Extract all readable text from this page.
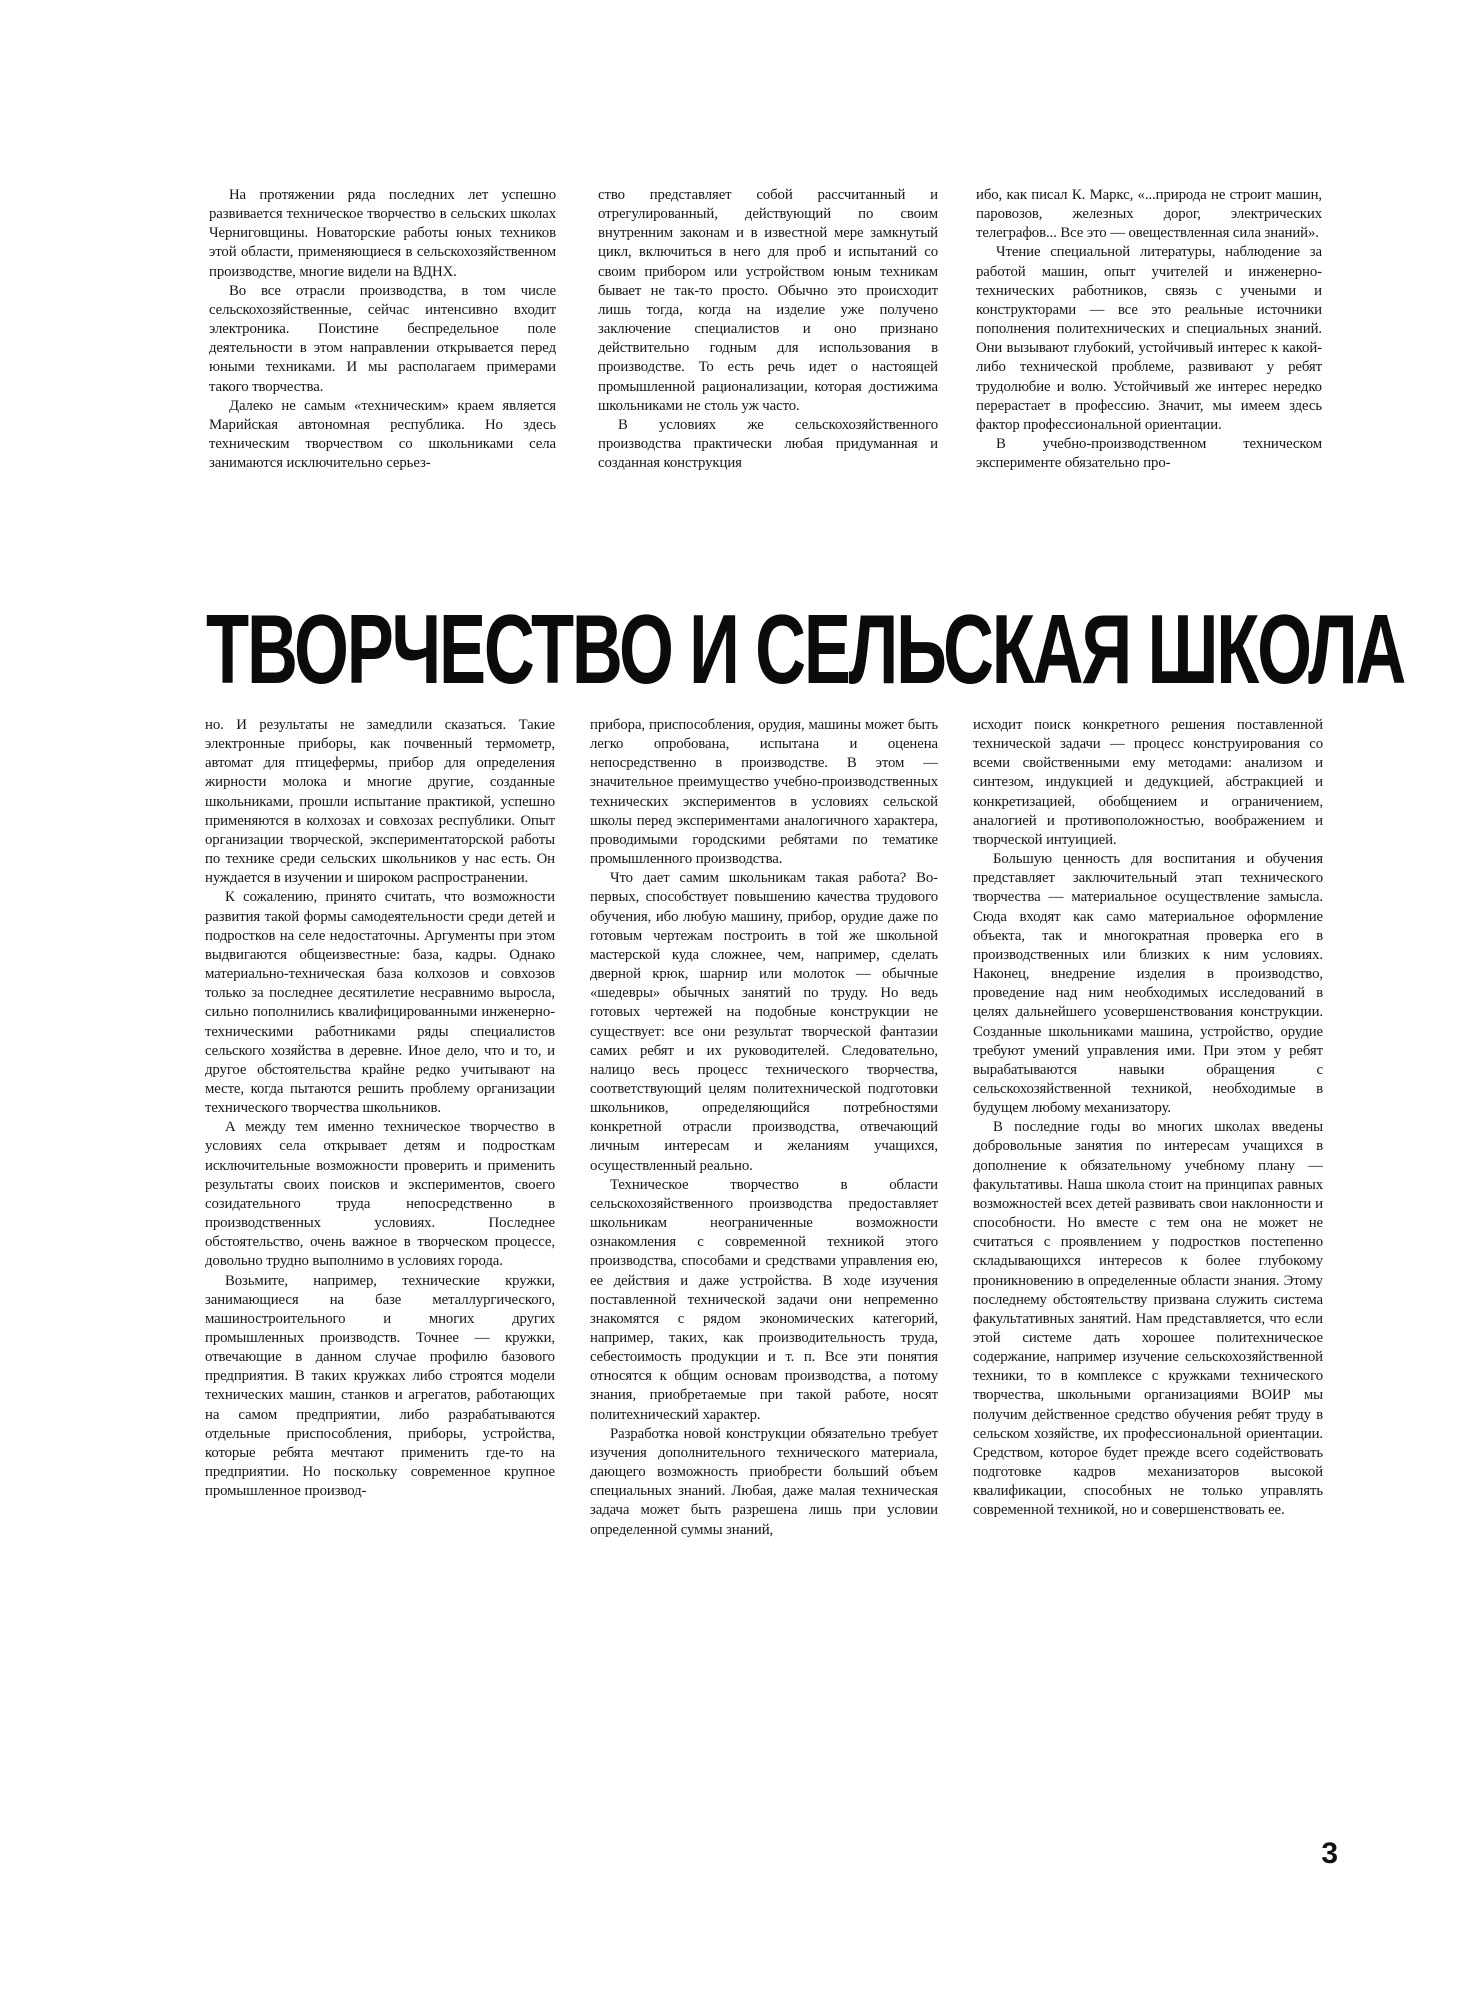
На протяжении ряда последних лет успешно развивается техническое творчество в сельских школах Черниговщины. Новаторские работы юных техников этой области, применяющиеся в сельскохозяйственном производстве, многие видели на ВДНХ.

Во все отрасли производства, в том числе сельскохозяйственные, сейчас интенсивно входит электроника. Поистине беспредельное поле деятельности в этом направлении открывается перед юными техниками. И мы располагаем примерами такого творчества.

Далеко не самым «техническим» краем является Марийская автономная республика. Но здесь техническим творчеством со школьниками села занимаются исключительно серьез-

ство представляет собой рассчитанный и отрегулированный, действующий по своим внутренним законам и в известной мере замкнутый цикл, включиться в него для проб и испытаний со своим прибором или устройством юным техникам бывает не так-то просто. Обычно это происходит лишь тогда, когда на изделие уже получено заключение специалистов и оно признано действительно годным для использования в производстве. То есть речь идет о настоящей промышленной рационализации, которая достижима школьниками не столь уж часто.

В условиях же сельскохозяйственного производства практически любая придуманная и созданная конструкция

ибо, как писал К. Маркс, «...природа не строит машин, паровозов, железных дорог, электрических телеграфов... Все это — овеществленная сила знаний».

Чтение специальной литературы, наблюдение за работой машин, опыт учителей и инженерно-технических работников, связь с учеными и конструкторами — все это реальные источники пополнения политехнических и специальных знаний. Они вызывают глубокий, устойчивый интерес к какой-либо технической проблеме, развивают у ребят трудолюбие и волю. Устойчивый же интерес нередко перерастает в профессию. Значит, мы имеем здесь фактор профессиональной ориентации.

В учебно-производственном техническом эксперименте обязательно про-

ТВОРЧЕСТВО И СЕЛЬСКАЯ ШКОЛА

но. И результаты не замедлили сказаться. Такие электронные приборы, как почвенный термометр, автомат для птицефермы, прибор для определения жирности молока и многие другие, созданные школьниками, прошли испытание практикой, успешно применяются в колхозах и совхозах республики. Опыт организации творческой, экспериментаторской работы по технике среди сельских школьников у нас есть. Он нуждается в изучении и широком распространении.

К сожалению, принято считать, что возможности развития такой формы самодеятельности среди детей и подростков на селе недостаточны. Аргументы при этом выдвигаются общеизвестные: база, кадры. Однако материально-техническая база колхозов и совхозов только за последнее десятилетие несравнимо выросла, сильно пополнились квалифицированными инженерно-техническими работниками ряды специалистов сельского хозяйства в деревне. Иное дело, что и то, и другое обстоятельства крайне редко учитывают на месте, когда пытаются решить проблему организации технического творчества школьников.

А между тем именно техническое творчество в условиях села открывает детям и подросткам исключительные возможности проверить и применить результаты своих поисков и экспериментов, своего созидательного труда непосредственно в производственных условиях. Последнее обстоятельство, очень важное в творческом процессе, довольно трудно выполнимо в условиях города.

Возьмите, например, технические кружки, занимающиеся на базе металлургического, машиностроительного и многих других промышленных производств. Точнее — кружки, отвечающие в данном случае профилю базового предприятия. В таких кружках либо строятся модели технических машин, станков и агрегатов, работающих на самом предприятии, либо разрабатываются отдельные приспособления, приборы, устройства, которые ребята мечтают применить где-то на предприятии. Но поскольку современное крупное промышленное производ-

прибора, приспособления, орудия, машины может быть легко опробована, испытана и оценена непосредственно в производстве. В этом — значительное преимущество учебно-производственных технических экспериментов в условиях сельской школы перед экспериментами аналогичного характера, проводимыми городскими ребятами по тематике промышленного производства.

Что дает самим школьникам такая работа? Во-первых, способствует повышению качества трудового обучения, ибо любую машину, прибор, орудие даже по готовым чертежам построить в той же школьной мастерской куда сложнее, чем, например, сделать дверной крюк, шарнир или молоток — обычные «шедевры» обычных занятий по труду. Но ведь готовых чертежей на подобные конструкции не существует: все они результат творческой фантазии самих ребят и их руководителей. Следовательно, налицо весь процесс технического творчества, соответствующий целям политехнической подготовки школьников, определяющийся потребностями конкретной отрасли производства, отвечающий личным интересам и желаниям учащихся, осуществленный реально.

Техническое творчество в области сельскохозяйственного производства предоставляет школьникам неограниченные возможности ознакомления с современной техникой этого производства, способами и средствами управления ею, ее действия и даже устройства. В ходе изучения поставленной технической задачи они непременно знакомятся с рядом экономических категорий, например, таких, как производительность труда, себестоимость продукции и т. п. Все эти понятия относятся к общим основам производства, а потому знания, приобретаемые при такой работе, носят политехнический характер.

Разработка новой конструкции обязательно требует изучения дополнительного технического материала, дающего возможность приобрести больший объем специальных знаний. Любая, даже малая техническая задача может быть разрешена лишь при условии определенной суммы знаний,

исходит поиск конкретного решения поставленной технической задачи — процесс конструирования со всеми свойственными ему методами: анализом и синтезом, индукцией и дедукцией, абстракцией и конкретизацией, обобщением и ограничением, аналогией и противоположностью, воображением и творческой интуицией.

Большую ценность для воспитания и обучения представляет заключительный этап технического творчества — материальное осуществление замысла. Сюда входят как само материальное оформление объекта, так и многократная проверка его в производственных или близких к ним условиях. Наконец, внедрение изделия в производство, проведение над ним необходимых исследований в целях дальнейшего усовершенствования конструкции. Созданные школьниками машина, устройство, орудие требуют умений управления ими. При этом у ребят вырабатываются навыки обращения с сельскохозяйственной техникой, необходимые в будущем любому механизатору.

В последние годы во многих школах введены добровольные занятия по интересам учащихся в дополнение к обязательному учебному плану — факультативы. Наша школа стоит на принципах равных возможностей всех детей развивать свои наклонности и способности. Но вместе с тем она не может не считаться с проявлением у подростков постепенно складывающихся интересов к более глубокому проникновению в определенные области знания. Этому последнему обстоятельству призвана служить система факультативных занятий. Нам представляется, что если этой системе дать хорошее политехническое содержание, например изучение сельскохозяйственной техники, то в комплексе с кружками технического творчества, школьными организациями ВОИР мы получим действенное средство обучения ребят труду в сельском хозяйстве, их профессиональной ориентации. Средством, которое будет прежде всего содействовать подготовке кадров механизаторов высокой квалификации, способных не только управлять современной техникой, но и совершенствовать ее.

3
